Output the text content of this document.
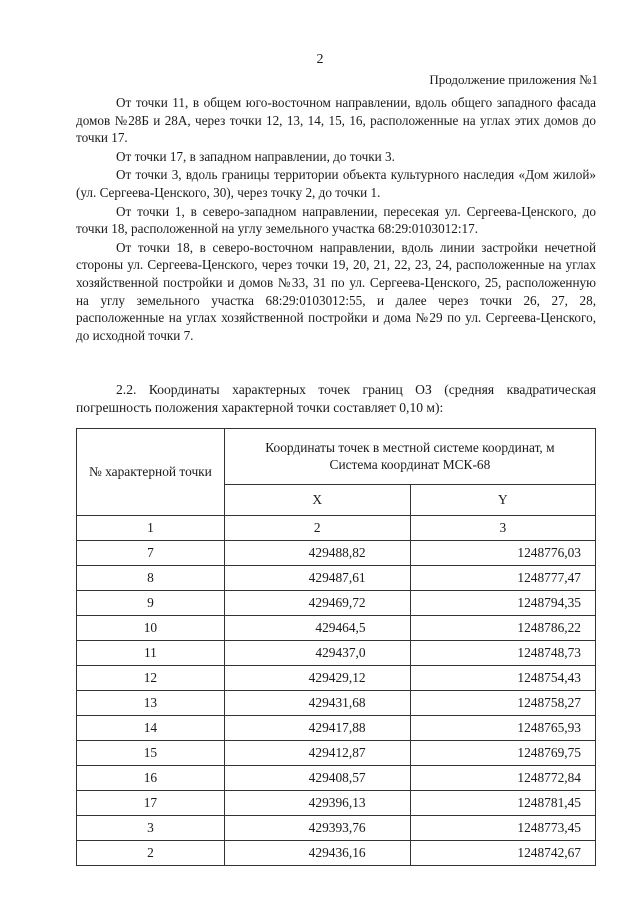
2
Продолжение приложения №1

От точки 11, в общем юго-восточном направлении, вдоль общего западного фасада домов №28Б и 28А, через точки 12, 13, 14, 15, 16, расположенные на углах этих домов до точки 17.

От точки 17, в западном направлении, до точки 3.

От точки 3, вдоль границы территории объекта культурного наследия «Дом жилой» (ул. Сергеева-Ценского, 30), через точку 2, до точки 1.

От точки 1, в северо-западном направлении, пересекая ул. Сергеева-Ценского, до точки 18, расположенной на углу земельного участка 68:29:0103012:17.

От точки 18, в северо-восточном направлении, вдоль линии застройки нечетной стороны ул. Сергеева-Ценского, через точки 19, 20, 21, 22, 23, 24, расположенные на углах хозяйственной постройки и домов №33, 31 по ул. Сергеева-Ценского, 25, расположенную на углу земельного участка 68:29:0103012:55, и далее через точки 26, 27, 28, расположенные на углах хозяйственной постройки и дома №29 по ул. Сергеева-Ценского, до исходной точки 7.

2.2. Координаты характерных точек границ ОЗ (средняя квадратическая погрешность положения характерной точки составляет 0,10 м):
№ характерной точки	Координаты точек в местной системе координат, м
Система координат МСК-68	
	X	Y
1	2	3
7	429488,82	1248776,03
8	429487,61	1248777,47
9	429469,72	1248794,35
10	429464,5	1248786,22
11	429437,0	1248748,73
12	429429,12	1248754,43
13	429431,68	1248758,27
14	429417,88	1248765,93
15	429412,87	1248769,75
16	429408,57	1248772,84
17	429396,13	1248781,45
3	429393,76	1248773,45
2	429436,16	1248742,67
